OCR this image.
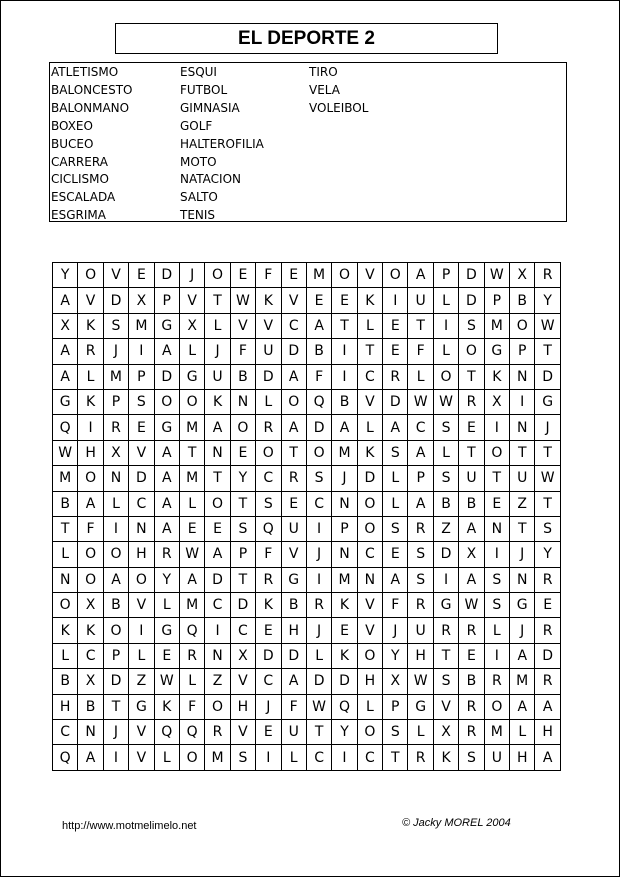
EL DEPORTE 2
ATLETISMO
BALONCESTO
BALONMANO
BOXEO
BUCEO
CARRERA
CICLISMO
ESCALADA
ESGRIMA
ESQUI
FUTBOL
GIMNASIA
GOLF
HALTEROFILIA
MOTO
NATACION
SALTO
TENIS
TIRO
VELA
VOLEIBOL
Y	O	V	E	D	J	O	E	F	E	M	O	V	O	A	P	D	W	X	R
A	V	D	X	P	V	T	W	K	V	E	E	K	I	U	L	D	P	B	Y
X	K	S	M	G	X	L	V	V	C	A	T	L	E	T	I	S	M	O	W
A	R	J	I	A	L	J	F	U	D	B	I	T	E	F	L	O	G	P	T
A	L	M	P	D	G	U	B	D	A	F	I	C	R	L	O	T	K	N	D
G	K	P	S	O	O	K	N	L	O	Q	B	V	D	W	W	R	X	I	G
Q	I	R	E	G	M	A	O	R	A	D	A	L	A	C	S	E	I	N	J
W	H	X	V	A	T	N	E	O	T	O	M	K	S	A	L	T	O	T	T
M	O	N	D	A	M	T	Y	C	R	S	J	D	L	P	S	U	T	U	W
B	A	L	C	A	L	O	T	S	E	C	N	O	L	A	B	B	E	Z	T
T	F	I	N	A	E	E	S	Q	U	I	P	O	S	R	Z	A	N	T	S
L	O	O	H	R	W	A	P	F	V	J	N	C	E	S	D	X	I	J	Y
N	O	A	O	Y	A	D	T	R	G	I	M	N	A	S	I	A	S	N	R
O	X	B	V	L	M	C	D	K	B	R	K	V	F	R	G	W	S	G	E
K	K	O	I	G	Q	I	C	E	H	J	E	V	J	U	R	R	L	J	R
L	C	P	L	E	R	N	X	D	D	L	K	O	Y	H	T	E	I	A	D
B	X	D	Z	W	L	Z	V	C	A	D	D	H	X	W	S	B	R	M	R
H	B	T	G	K	F	O	H	J	F	W	Q	L	P	G	V	R	O	A	A
C	N	J	V	Q	Q	R	V	E	U	T	Y	O	S	L	X	R	M	L	H
Q	A	I	V	L	O	M	S	I	L	C	I	C	T	R	K	S	U	H	A
http://www.motmelimelo.net	© Jacky MOREL 2004
